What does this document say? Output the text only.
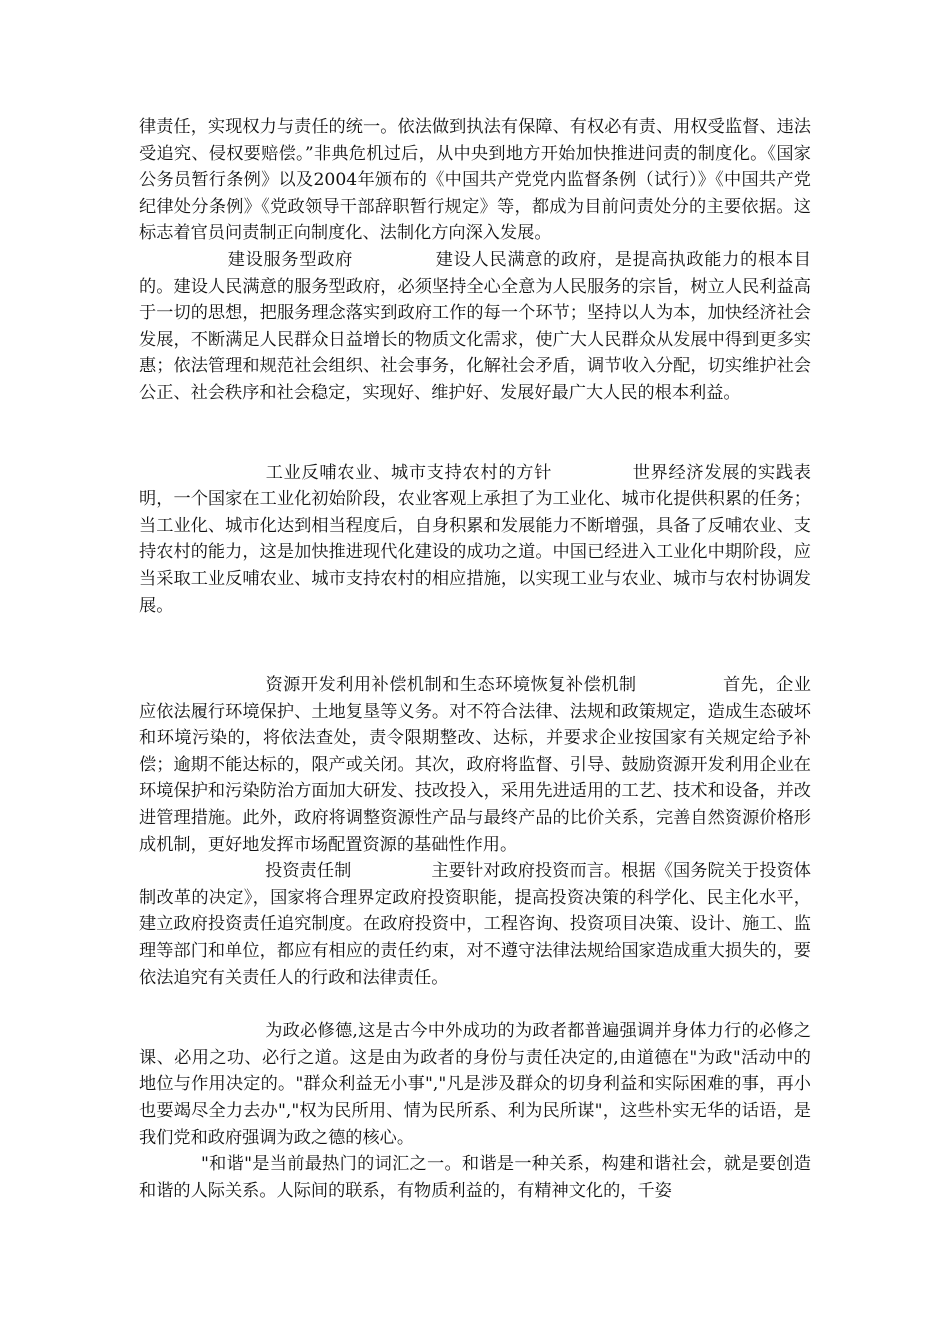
律责任，实现权力与责任的统一。依法做到执法有保障、有权必有责、用权受监督、违法受追究、侵权要赔偿。”非典危机过后，从中央到地方开始加快推进问责的制度化。《国家公务员暂行条例》以及2004年颁布的《中国共产党党内监督条例（试行）》《中国共产党纪律处分条例》《党政领导干部辞职暂行规定》等，都成为目前问责处分的主要依据。这标志着官员问责制正向制度化、法制化方向深入发展。

建设服务型政府	建设人民满意的政府，是提高执政能力的根本目的。建设人民满意的服务型政府，必须坚持全心全意为人民服务的宗旨，树立人民利益高于一切的思想，把服务理念落实到政府工作的每一个环节；坚持以人为本，加快经济社会发展，不断满足人民群众日益增长的物质文化需求，使广大人民群众从发展中得到更多实惠；依法管理和规范社会组织、社会事务，化解社会矛盾，调节收入分配，切实维护社会公正、社会秩序和社会稳定，实现好、维护好、发展好最广大人民的根本利益。

工业反哺农业、城市支持农村的方针	世界经济发展的实践表明，一个国家在工业化初始阶段，农业客观上承担了为工业化、城市化提供积累的任务；当工业化、城市化达到相当程度后，自身积累和发展能力不断增强，具备了反哺农业、支持农村的能力，这是加快推进现代化建设的成功之道。中国已经进入工业化中期阶段，应当采取工业反哺农业、城市支持农村的相应措施，以实现工业与农业、城市与农村协调发展。

资源开发利用补偿机制和生态环境恢复补偿机制	首先，企业应依法履行环境保护、土地复垦等义务。对不符合法律、法规和政策规定，造成生态破坏和环境污染的，将依法查处，责令限期整改、达标，并要求企业按国家有关规定给予补偿；逾期不能达标的，限产或关闭。其次，政府将监督、引导、鼓励资源开发利用企业在环境保护和污染防治方面加大研发、技改投入，采用先进适用的工艺、技术和设备，并改进管理措施。此外，政府将调整资源性产品与最终产品的比价关系，完善自然资源价格形成机制，更好地发挥市场配置资源的基础性作用。

投资责任制	主要针对政府投资而言。根据《国务院关于投资体制改革的决定》，国家将合理界定政府投资职能，提高投资决策的科学化、民主化水平，建立政府投资责任追究制度。在政府投资中，工程咨询、投资项目决策、设计、施工、监理等部门和单位，都应有相应的责任约束，对不遵守法律法规给国家造成重大损失的，要依法追究有关责任人的行政和法律责任。

为政必修德,这是古今中外成功的为政者都普遍强调并身体力行的必修之课、必用之功、必行之道。这是由为政者的身份与责任决定的,由道德在"为政"活动中的地位与作用决定的。"群众利益无小事","凡是涉及群众的切身利益和实际困难的事，再小也要竭尽全力去办","权为民所用、情为民所系、利为民所谋"，这些朴实无华的话语，是我们党和政府强调为政之德的核心。

"和谐"是当前最热门的词汇之一。和谐是一种关系，构建和谐社会，就是要创造和谐的人际关系。人际间的联系，有物质利益的，有精神文化的，千姿
